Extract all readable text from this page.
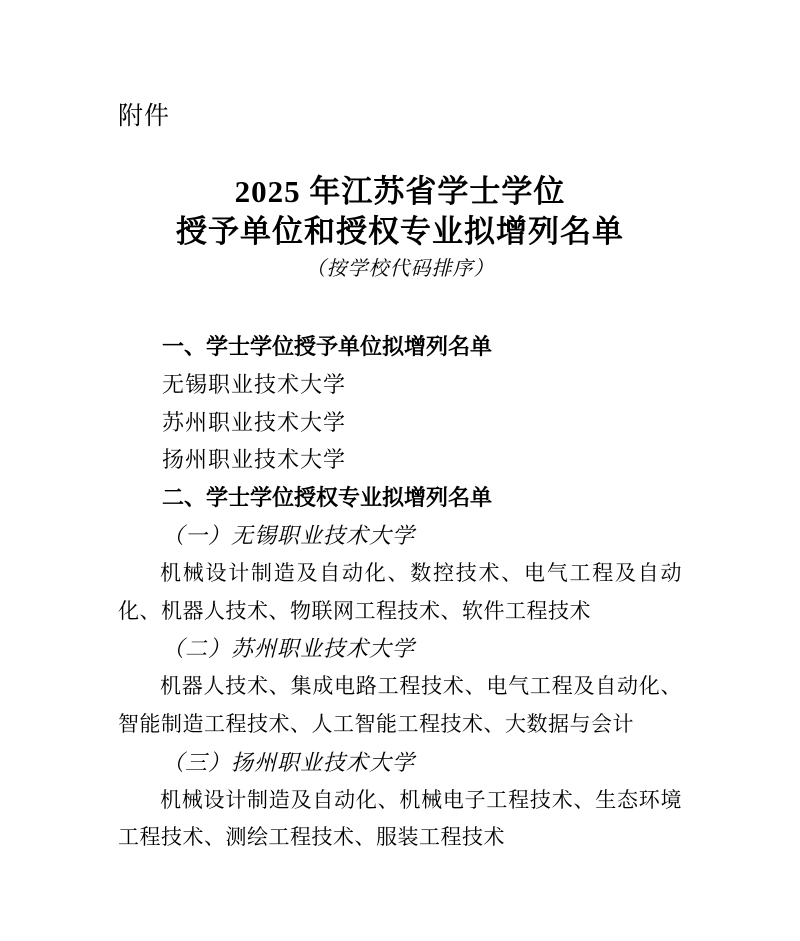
附件
2025 年江苏省学士学位
授予单位和授权专业拟增列名单
（按学校代码排序）
一、学士学位授予单位拟增列名单
无锡职业技术大学
苏州职业技术大学
扬州职业技术大学
二、学士学位授权专业拟增列名单
（一）无锡职业技术大学

机械设计制造及自动化、数控技术、电气工程及自动化、机器人技术、物联网工程技术、软件工程技术

（二）苏州职业技术大学

机器人技术、集成电路工程技术、电气工程及自动化、智能制造工程技术、人工智能工程技术、大数据与会计

（三）扬州职业技术大学

机械设计制造及自动化、机械电子工程技术、生态环境工程技术、测绘工程技术、服装工程技术
